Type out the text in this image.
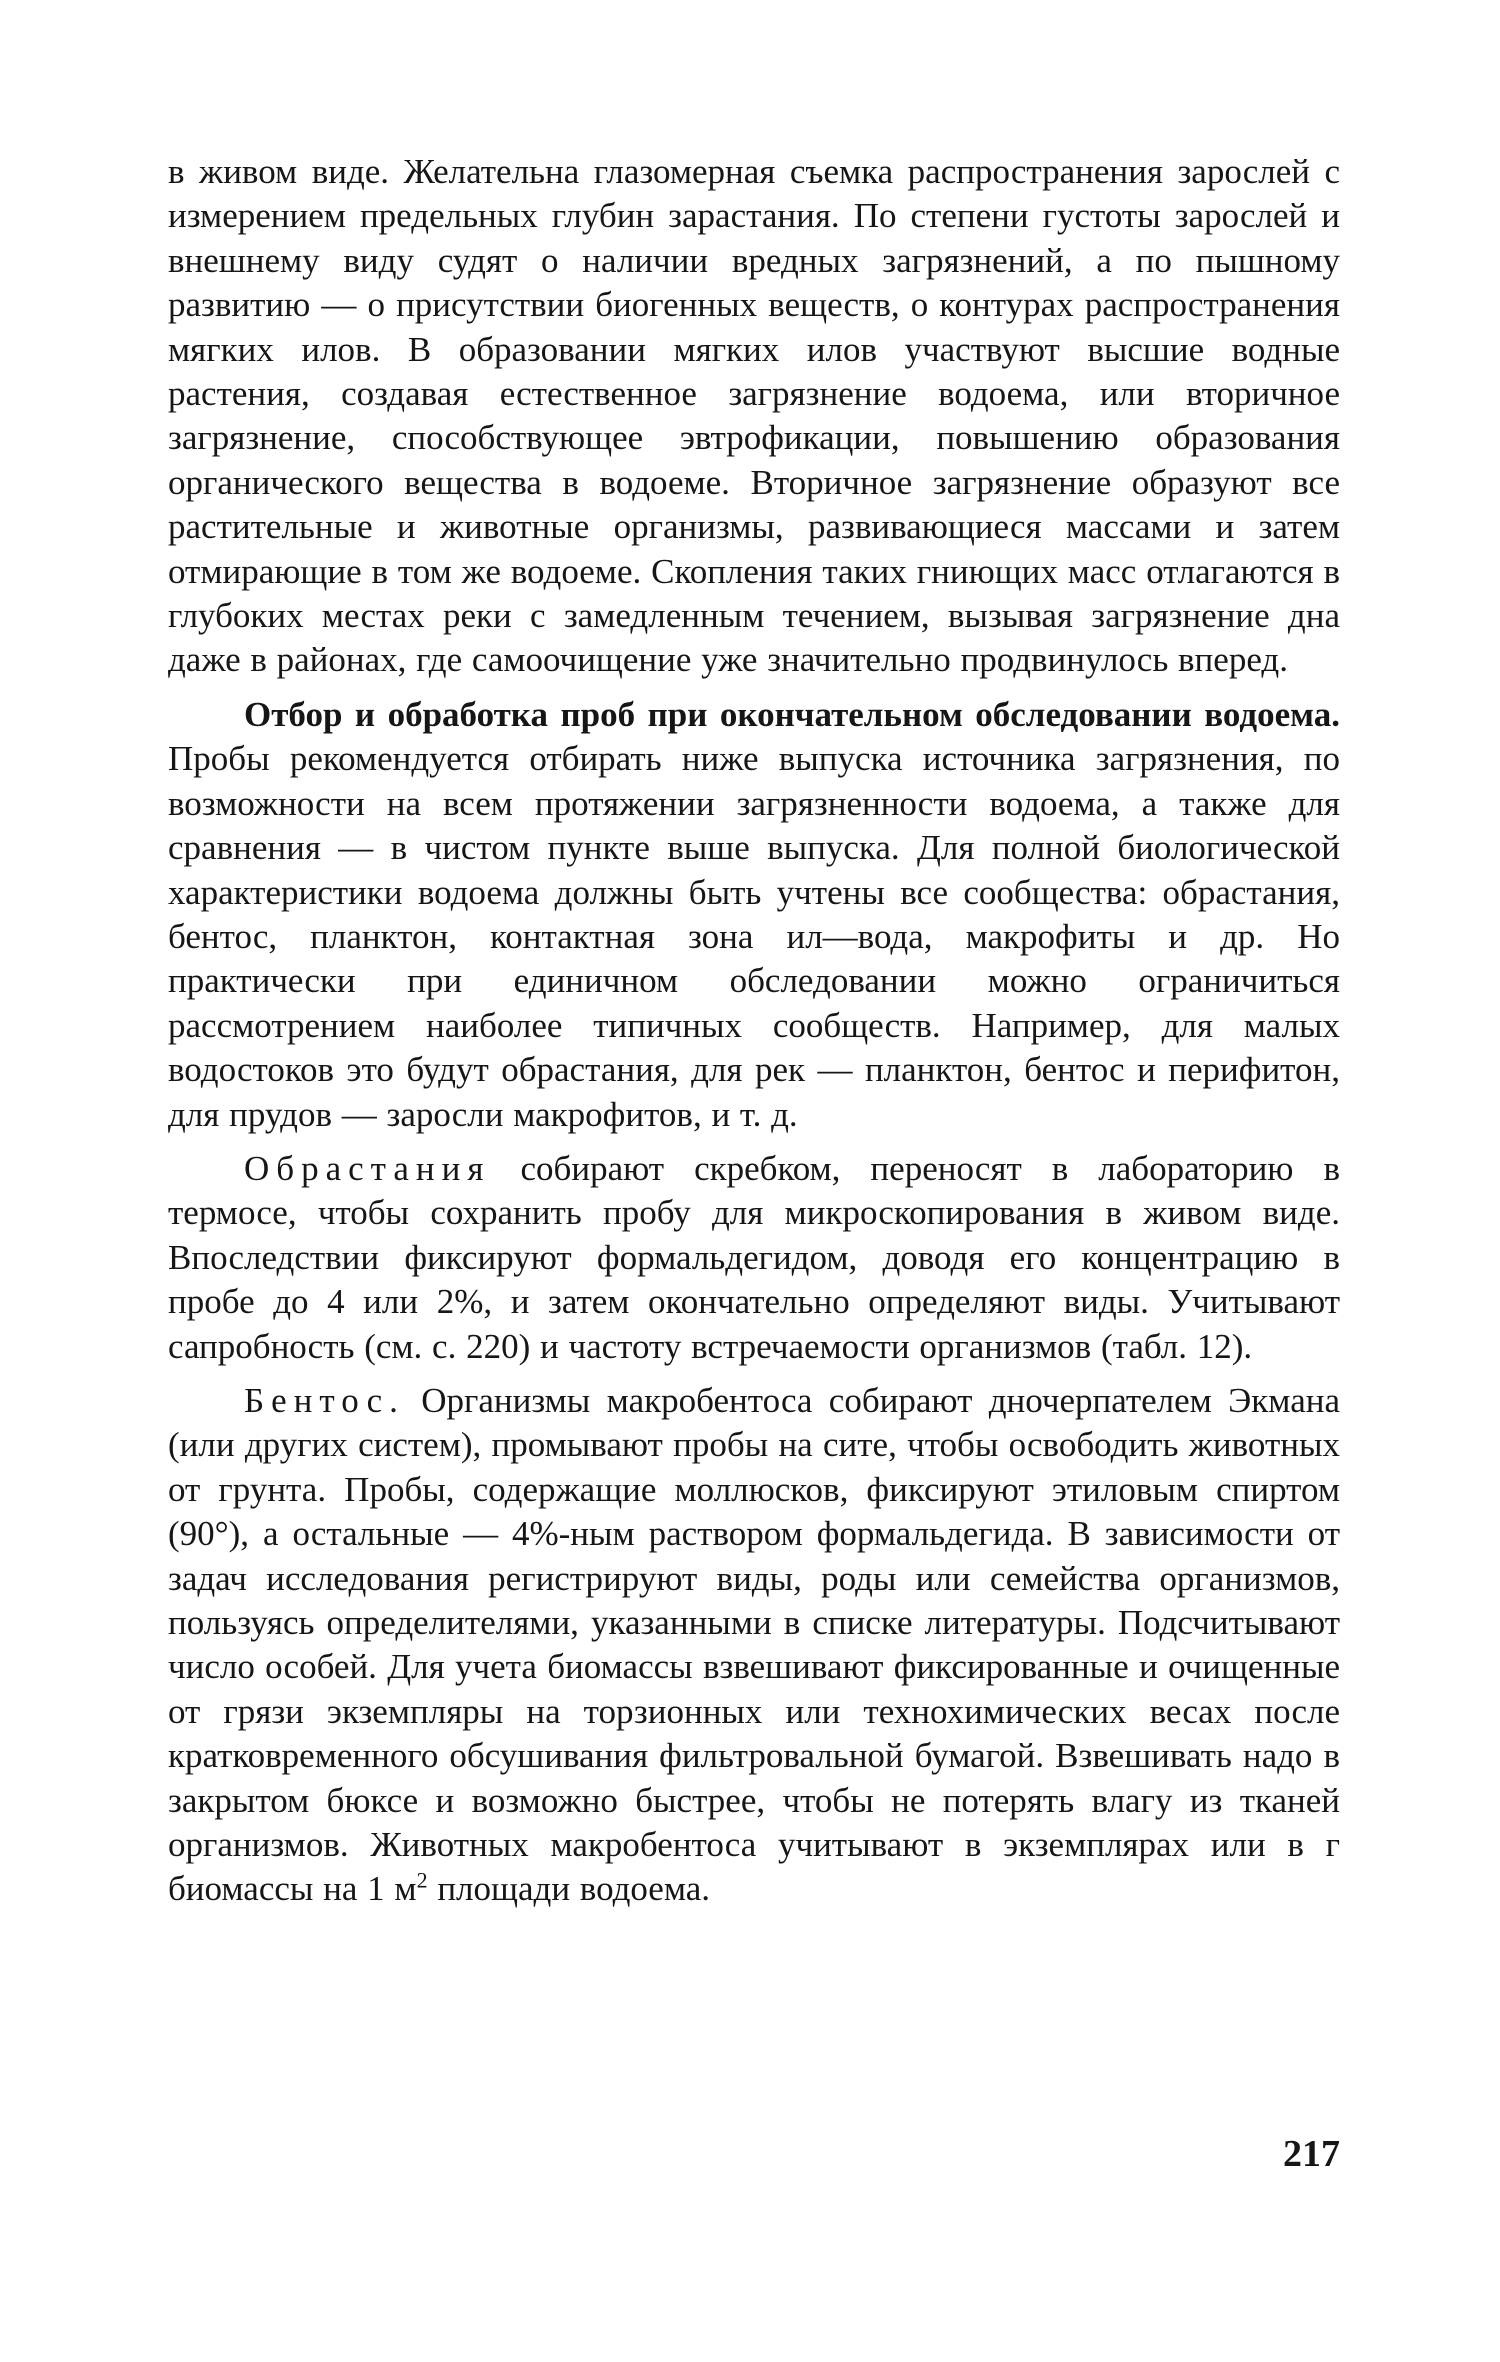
в живом виде. Желательна глазомерная съемка распространения зарослей с измерением предельных глубин зарастания. По степени густоты зарослей и внешнему виду судят о наличии вредных загрязнений, а по пышному развитию — о присутствии биогенных веществ, о контурах распространения мягких илов. В образовании мягких илов участвуют высшие водные растения, создавая естественное загрязнение водоема, или вторичное загрязнение, способствующее эвтрофикации, повышению образования органического вещества в водоеме. Вторичное загрязнение образуют все растительные и животные организмы, развивающиеся массами и затем отмирающие в том же водоеме. Скопления таких гниющих масс отлагаются в глубоких местах реки с замедленным течением, вызывая загрязнение дна даже в районах, где самоочищение уже значительно продвинулось вперед.

Отбор и обработка проб при окончательном обследовании водоема. Пробы рекомендуется отбирать ниже выпуска источника загрязнения, по возможности на всем протяжении загрязненности водоема, а также для сравнения — в чистом пункте выше выпуска. Для полной биологической характеристики водоема должны быть учтены все сообщества: обрастания, бентос, планктон, контактная зона ил—вода, макрофиты и др. Но практически при единичном обследовании можно ограничиться рассмотрением наиболее типичных сообществ. Например, для малых водостоков это будут обрастания, для рек — планктон, бентос и перифитон, для прудов — заросли макрофитов, и т. д.

Обрастания собирают скребком, переносят в лабораторию в термосе, чтобы сохранить пробу для микроскопирования в живом виде. Впоследствии фиксируют формальдегидом, доводя его концентрацию в пробе до 4 или 2%, и затем окончательно определяют виды. Учитывают сапробность (см. с. 220) и частоту встречаемости организмов (табл. 12).

Бентос. Организмы макробентоса собирают дночерпателем Экмана (или других систем), промывают пробы на сите, чтобы освободить животных от грунта. Пробы, содержащие моллюсков, фиксируют этиловым спиртом (90°), а остальные — 4%-ным раствором формальдегида. В зависимости от задач исследования регистрируют виды, роды или семейства организмов, пользуясь определителями, указанными в списке литературы. Подсчитывают число особей. Для учета биомассы взвешивают фиксированные и очищенные от грязи экземпляры на торзионных или технохимических весах после кратковременного обсушивания фильтровальной бумагой. Взвешивать надо в закрытом бюксе и возможно быстрее, чтобы не потерять влагу из тканей организмов. Животных макробентоса учитывают в экземплярах или в г биомассы на 1 $м^2$ площади водоема.

217
